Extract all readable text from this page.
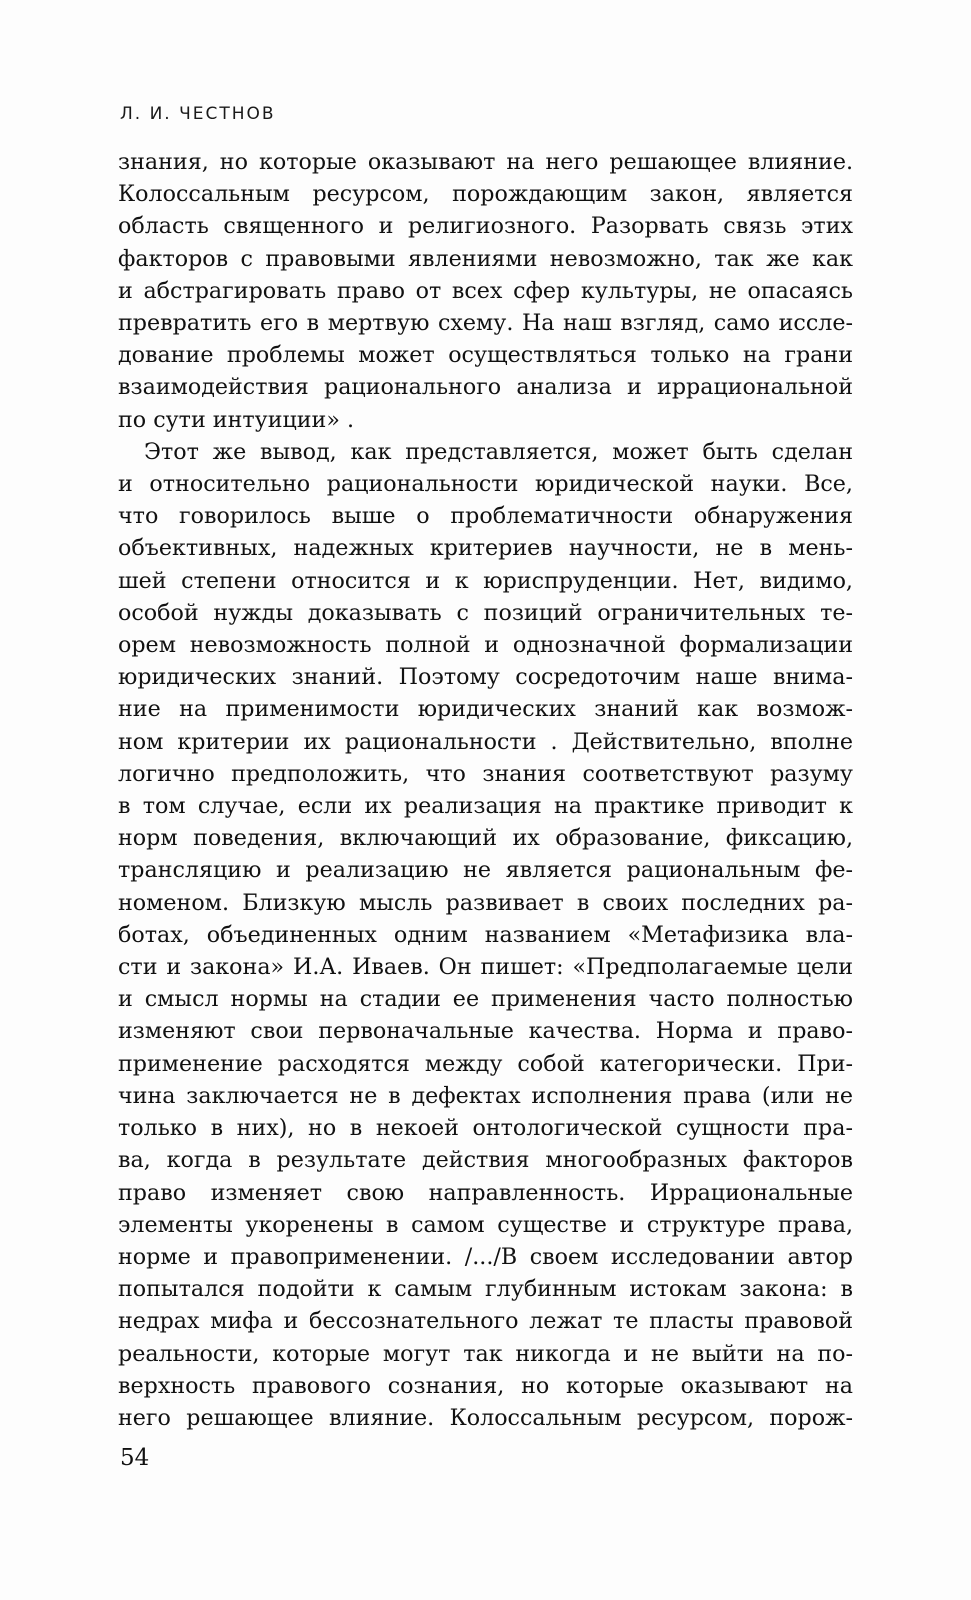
Л. И. ЧЕСТНОВ
знания, но которые оказывают на него решающее влияние.
Колоссальным ресурсом, порождающим закон, является
область священного и религиозного. Разорвать связь этих
факторов с правовыми явлениями невозможно, так же как
и абстрагировать право от всех сфер культуры, не опасаясь
превратить его в мертвую схему. На наш взгляд, само иссле-
дование проблемы может осуществляться только на грани
взаимодействия рационального анализа и иррациональной
по сути интуиции» .
Этот же вывод, как представляется, может быть сделан
и относительно рациональности юридической науки. Все,
что говорилось выше о проблематичности обнаружения
объективных, надежных критериев научности, не в мень-
шей степени относится и к юриспруденции. Нет, видимо,
особой нужды доказывать с позиций ограничительных те-
орем невозможность полной и однозначной формализации
юридических знаний. Поэтому сосредоточим наше внима-
ние на применимости юридических знаний как возмож-
ном критерии их рациональности . Действительно, вполне
логично предположить, что знания соответствуют разуму
в том случае, если их реализация на практике приводит к
норм поведения, включающий их образование, фиксацию,
трансляцию и реализацию не является рациональным фе-
номеном. Близкую мысль развивает в своих последних ра-
ботах, объединенных одним названием «Метафизика вла-
сти и закона» И.А. Иваев. Он пишет: «Предполагаемые цели
и смысл нормы на стадии ее применения часто полностью
изменяют свои первоначальные качества. Норма и право-
применение расходятся между собой категорически. При-
чина заключается не в дефектах исполнения права (или не
только в них), но в некоей онтологической сущности пра-
ва, когда в результате действия многообразных факторов
право изменяет свою направленность. Иррациональные
элементы укоренены в самом существе и структуре права,
норме и правоприменении. /.../В своем исследовании автор
попытался подойти к самым глубинным истокам закона: в
недрах мифа и бессознательного лежат те пласты правовой
реальности, которые могут так никогда и не выйти на по-
верхность правового сознания, но которые оказывают на
него решающее влияние. Колоссальным ресурсом, порож-
54
